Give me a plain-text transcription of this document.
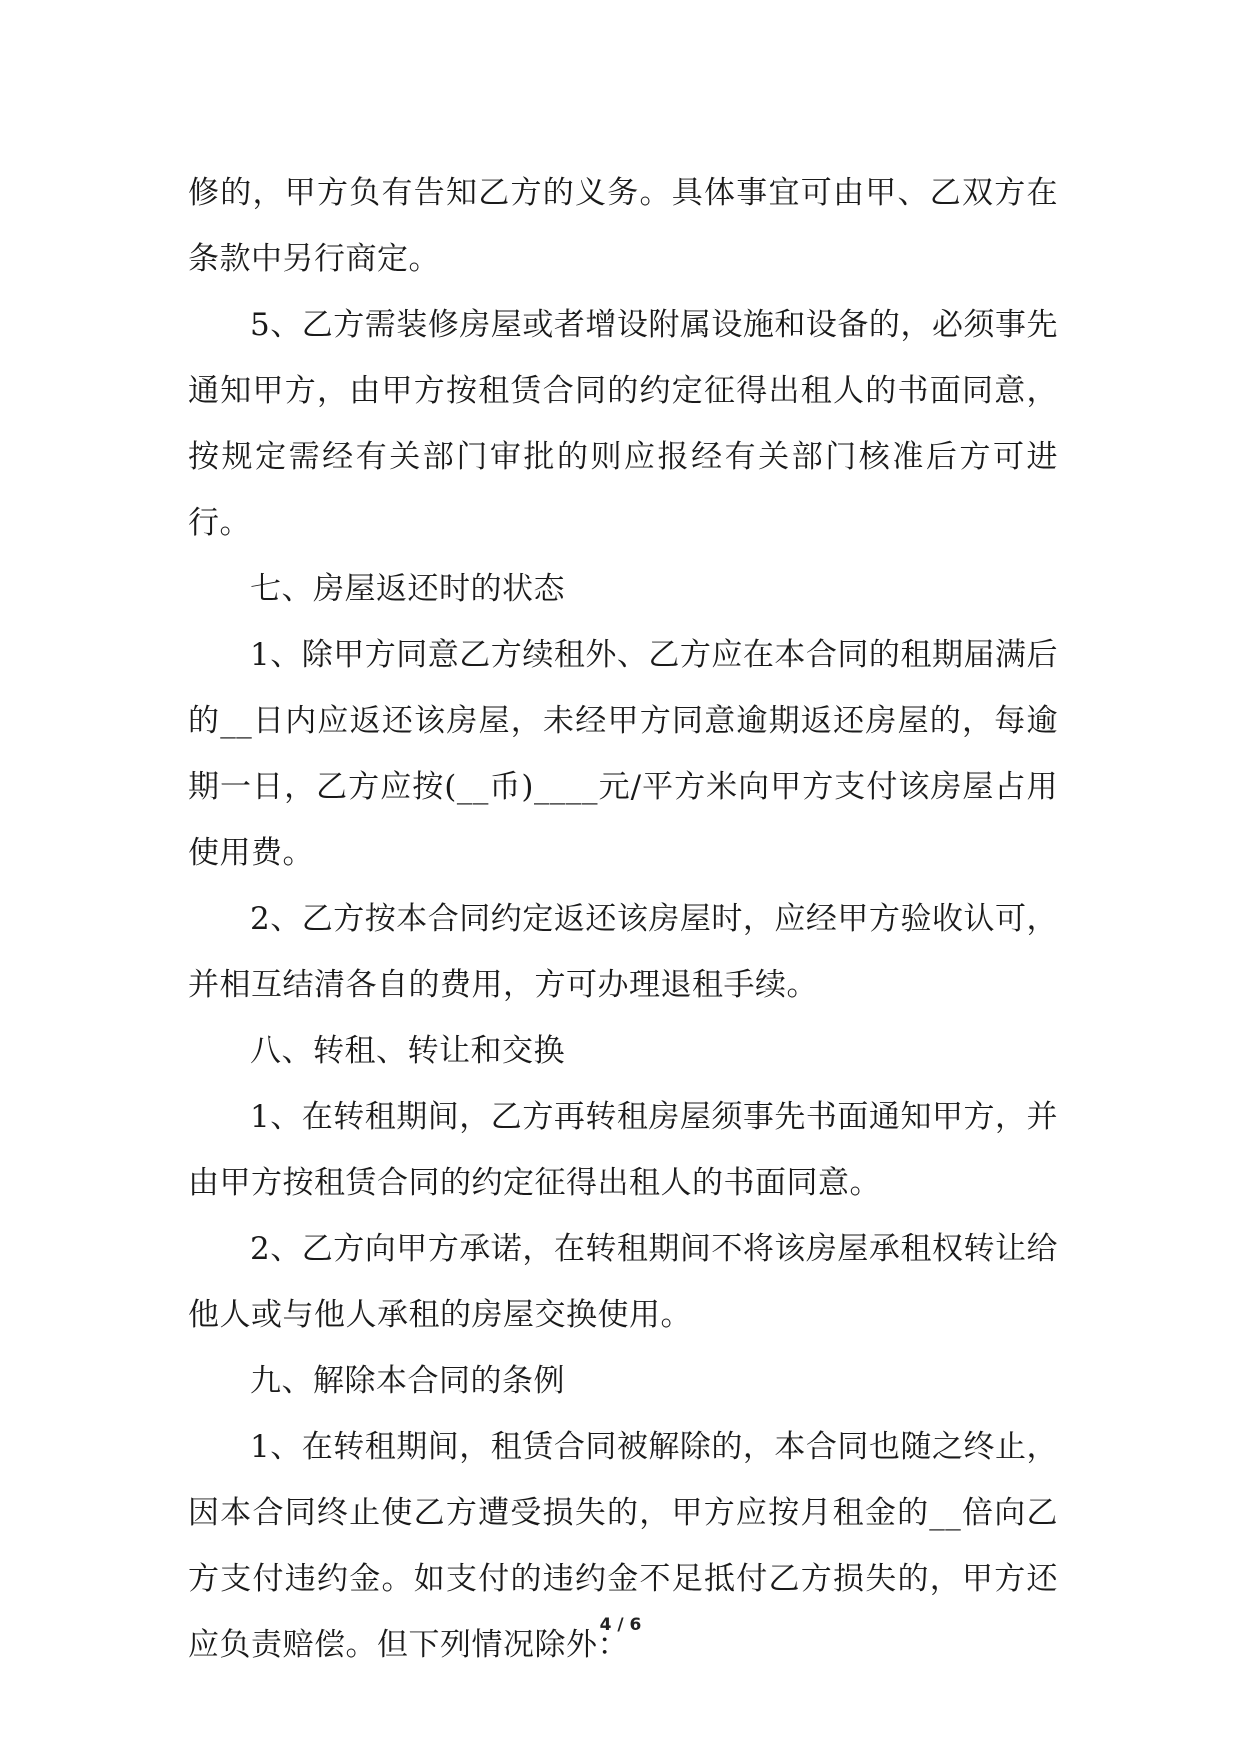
修的，甲方负有告知乙方的义务。具体事宜可由甲、乙双方在条款中另行商定。

5、乙方需装修房屋或者增设附属设施和设备的，必须事先通知甲方，由甲方按租赁合同的约定征得出租人的书面同意，按规定需经有关部门审批的则应报经有关部门核准后方可进行。

七、房屋返还时的状态

1、除甲方同意乙方续租外、乙方应在本合同的租期届满后的__日内应返还该房屋，未经甲方同意逾期返还房屋的，每逾期一日，乙方应按(__币)____元/平方米向甲方支付该房屋占用使用费。

2、乙方按本合同约定返还该房屋时，应经甲方验收认可，并相互结清各自的费用，方可办理退租手续。

八、转租、转让和交换

1、在转租期间，乙方再转租房屋须事先书面通知甲方，并由甲方按租赁合同的约定征得出租人的书面同意。

2、乙方向甲方承诺，在转租期间不将该房屋承租权转让给他人或与他人承租的房屋交换使用。

九、解除本合同的条例

1、在转租期间，租赁合同被解除的，本合同也随之终止，因本合同终止使乙方遭受损失的，甲方应按月租金的__倍向乙方支付违约金。如支付的违约金不足抵付乙方损失的，甲方还应负责赔偿。但下列情况除外：

4 / 6
